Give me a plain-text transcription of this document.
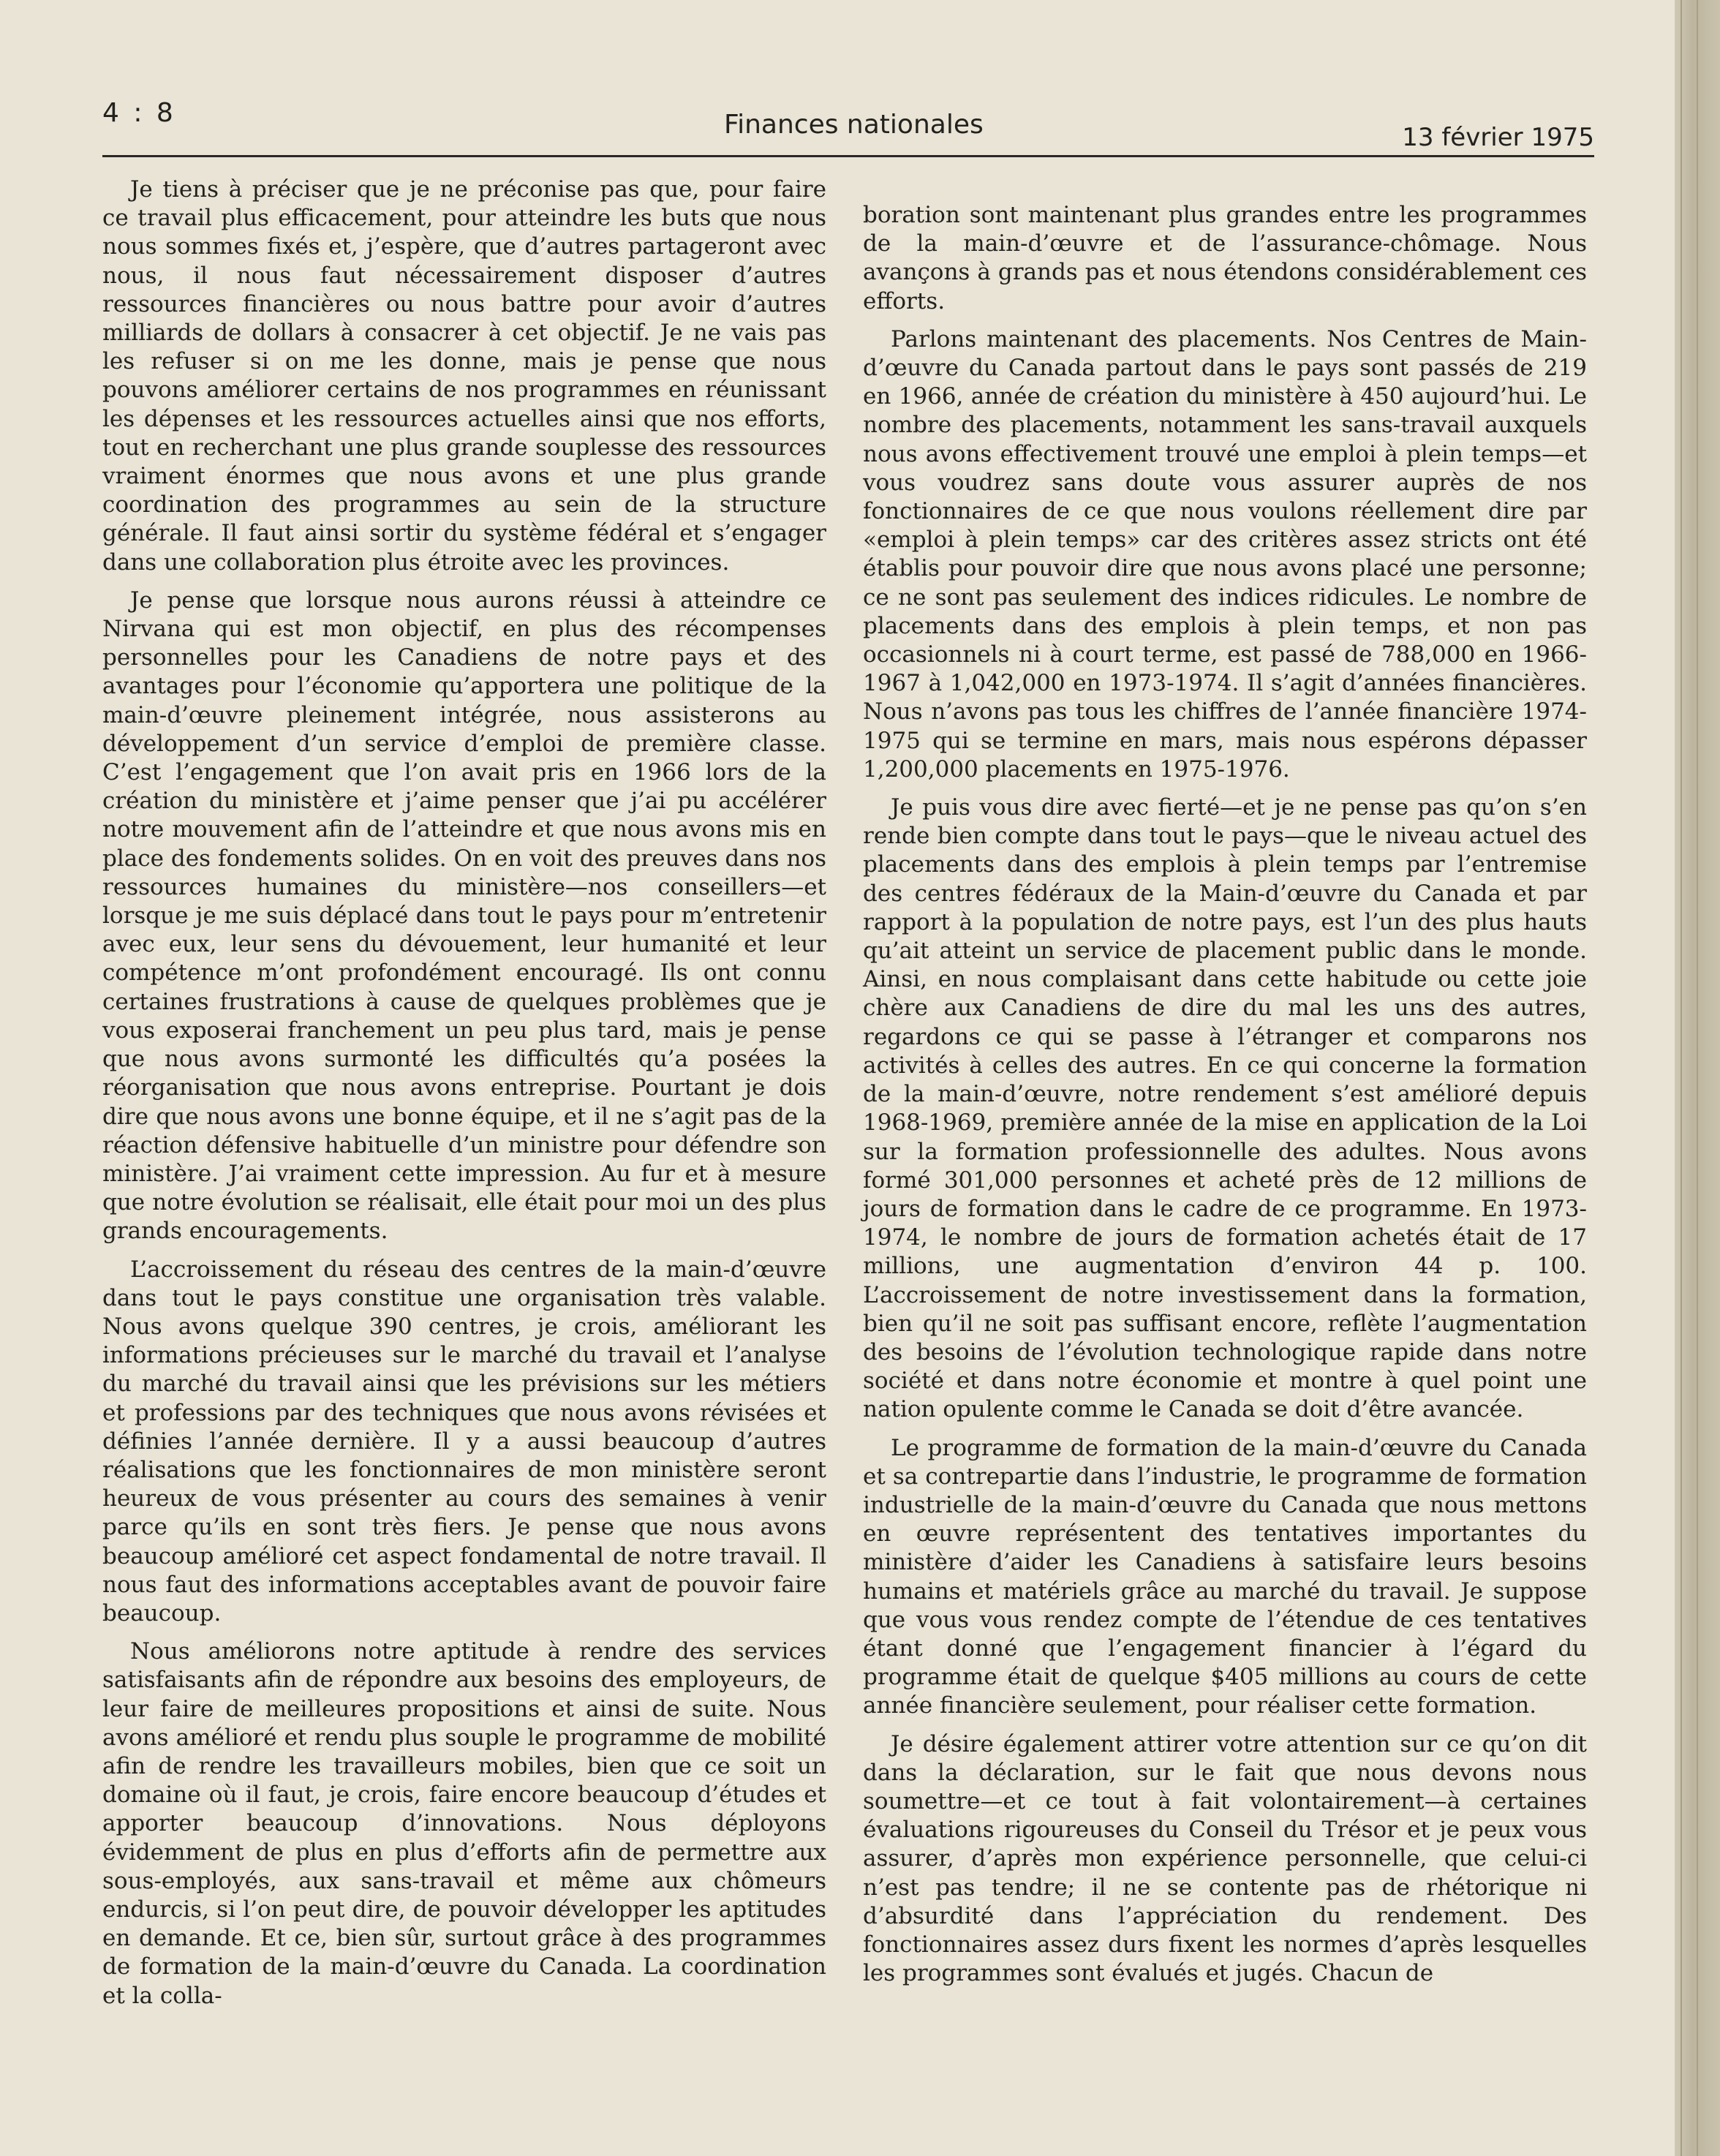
4 : 8	Finances nationales	13 février 1975

Je tiens à préciser que je ne préconise pas que, pour faire ce travail plus efficacement, pour atteindre les buts que nous nous sommes fixés et, j’espère, que d’autres partageront avec nous, il nous faut nécessairement disposer d’autres ressources financières ou nous battre pour avoir d’autres milliards de dollars à consacrer à cet objectif. Je ne vais pas les refuser si on me les donne, mais je pense que nous pouvons améliorer certains de nos programmes en réunissant les dépenses et les ressources actuelles ainsi que nos efforts, tout en recherchant une plus grande souplesse des ressources vraiment énormes que nous avons et une plus grande coordination des programmes au sein de la structure générale. Il faut ainsi sortir du système fédéral et s’engager dans une collaboration plus étroite avec les provinces.

Je pense que lorsque nous aurons réussi à atteindre ce Nirvana qui est mon objectif, en plus des récompenses personnelles pour les Canadiens de notre pays et des avantages pour l’économie qu’apportera une politique de la main-d’œuvre pleinement intégrée, nous assisterons au développement d’un service d’emploi de première classe. C’est l’engagement que l’on avait pris en 1966 lors de la création du ministère et j’aime penser que j’ai pu accélérer notre mouvement afin de l’atteindre et que nous avons mis en place des fondements solides. On en voit des preuves dans nos ressources humaines du ministère—nos conseillers—et lorsque je me suis déplacé dans tout le pays pour m’entretenir avec eux, leur sens du dévouement, leur humanité et leur compétence m’ont profondément encouragé. Ils ont connu certaines frustrations à cause de quelques problèmes que je vous exposerai franchement un peu plus tard, mais je pense que nous avons surmonté les difficultés qu’a posées la réorganisation que nous avons entreprise. Pourtant je dois dire que nous avons une bonne équipe, et il ne s’agit pas de la réaction défensive habituelle d’un ministre pour défendre son ministère. J’ai vraiment cette impression. Au fur et à mesure que notre évolution se réalisait, elle était pour moi un des plus grands encouragements.

L’accroissement du réseau des centres de la main-d’œuvre dans tout le pays constitue une organisation très valable. Nous avons quelque 390 centres, je crois, améliorant les informations précieuses sur le marché du travail et l’analyse du marché du travail ainsi que les prévisions sur les métiers et professions par des techniques que nous avons révisées et définies l’année dernière. Il y a aussi beaucoup d’autres réalisations que les fonctionnaires de mon ministère seront heureux de vous présenter au cours des semaines à venir parce qu’ils en sont très fiers. Je pense que nous avons beaucoup amélioré cet aspect fondamental de notre travail. Il nous faut des informations acceptables avant de pouvoir faire beaucoup.

Nous améliorons notre aptitude à rendre des services satisfaisants afin de répondre aux besoins des employeurs, de leur faire de meilleures propositions et ainsi de suite. Nous avons amélioré et rendu plus souple le programme de mobilité afin de rendre les travailleurs mobiles, bien que ce soit un domaine où il faut, je crois, faire encore beaucoup d’études et apporter beaucoup d’innovations. Nous déployons évidemment de plus en plus d’efforts afin de permettre aux sous-employés, aux sans-travail et même aux chômeurs endurcis, si l’on peut dire, de pouvoir développer les aptitudes en demande. Et ce, bien sûr, surtout grâce à des programmes de formation de la main-d’œuvre du Canada. La coordination et la colla-

boration sont maintenant plus grandes entre les programmes de la main-d’œuvre et de l’assurance-chômage. Nous avançons à grands pas et nous étendons considérablement ces efforts.

Parlons maintenant des placements. Nos Centres de Main-d’œuvre du Canada partout dans le pays sont passés de 219 en 1966, année de création du ministère à 450 aujourd’hui. Le nombre des placements, notamment les sans-travail auxquels nous avons effectivement trouvé une emploi à plein temps—et vous voudrez sans doute vous assurer auprès de nos fonctionnaires de ce que nous voulons réellement dire par «emploi à plein temps» car des critères assez stricts ont été établis pour pouvoir dire que nous avons placé une personne; ce ne sont pas seulement des indices ridicules. Le nombre de placements dans des emplois à plein temps, et non pas occasionnels ni à court terme, est passé de 788,000 en 1966-1967 à 1,042,000 en 1973-1974. Il s’agit d’années financières. Nous n’avons pas tous les chiffres de l’année financière 1974-1975 qui se termine en mars, mais nous espérons dépasser 1,200,000 placements en 1975-1976.

Je puis vous dire avec fierté—et je ne pense pas qu’on s’en rende bien compte dans tout le pays—que le niveau actuel des placements dans des emplois à plein temps par l’entremise des centres fédéraux de la Main-d’œuvre du Canada et par rapport à la population de notre pays, est l’un des plus hauts qu’ait atteint un service de placement public dans le monde. Ainsi, en nous complaisant dans cette habitude ou cette joie chère aux Canadiens de dire du mal les uns des autres, regardons ce qui se passe à l’étranger et comparons nos activités à celles des autres. En ce qui concerne la formation de la main-d’œuvre, notre rendement s’est amélioré depuis 1968-1969, première année de la mise en application de la Loi sur la formation professionnelle des adultes. Nous avons formé 301,000 personnes et acheté près de 12 millions de jours de formation dans le cadre de ce programme. En 1973-1974, le nombre de jours de formation achetés était de 17 millions, une augmentation d’environ 44 p. 100. L’accroissement de notre investissement dans la formation, bien qu’il ne soit pas suffisant encore, reflète l’augmentation des besoins de l’évolution technologique rapide dans notre société et dans notre économie et montre à quel point une nation opulente comme le Canada se doit d’être avancée.

Le programme de formation de la main-d’œuvre du Canada et sa contrepartie dans l’industrie, le programme de formation industrielle de la main-d’œuvre du Canada que nous mettons en œuvre représentent des tentatives importantes du ministère d’aider les Canadiens à satisfaire leurs besoins humains et matériels grâce au marché du travail. Je suppose que vous vous rendez compte de l’étendue de ces tentatives étant donné que l’engagement financier à l’égard du programme était de quelque $405 millions au cours de cette année financière seulement, pour réaliser cette formation.

Je désire également attirer votre attention sur ce qu’on dit dans la déclaration, sur le fait que nous devons nous soumettre—et ce tout à fait volontairement—à certaines évaluations rigoureuses du Conseil du Trésor et je peux vous assurer, d’après mon expérience personnelle, que celui-ci n’est pas tendre; il ne se contente pas de rhétorique ni d’absurdité dans l’appréciation du rendement. Des fonctionnaires assez durs fixent les normes d’après lesquelles les programmes sont évalués et jugés. Chacun de
